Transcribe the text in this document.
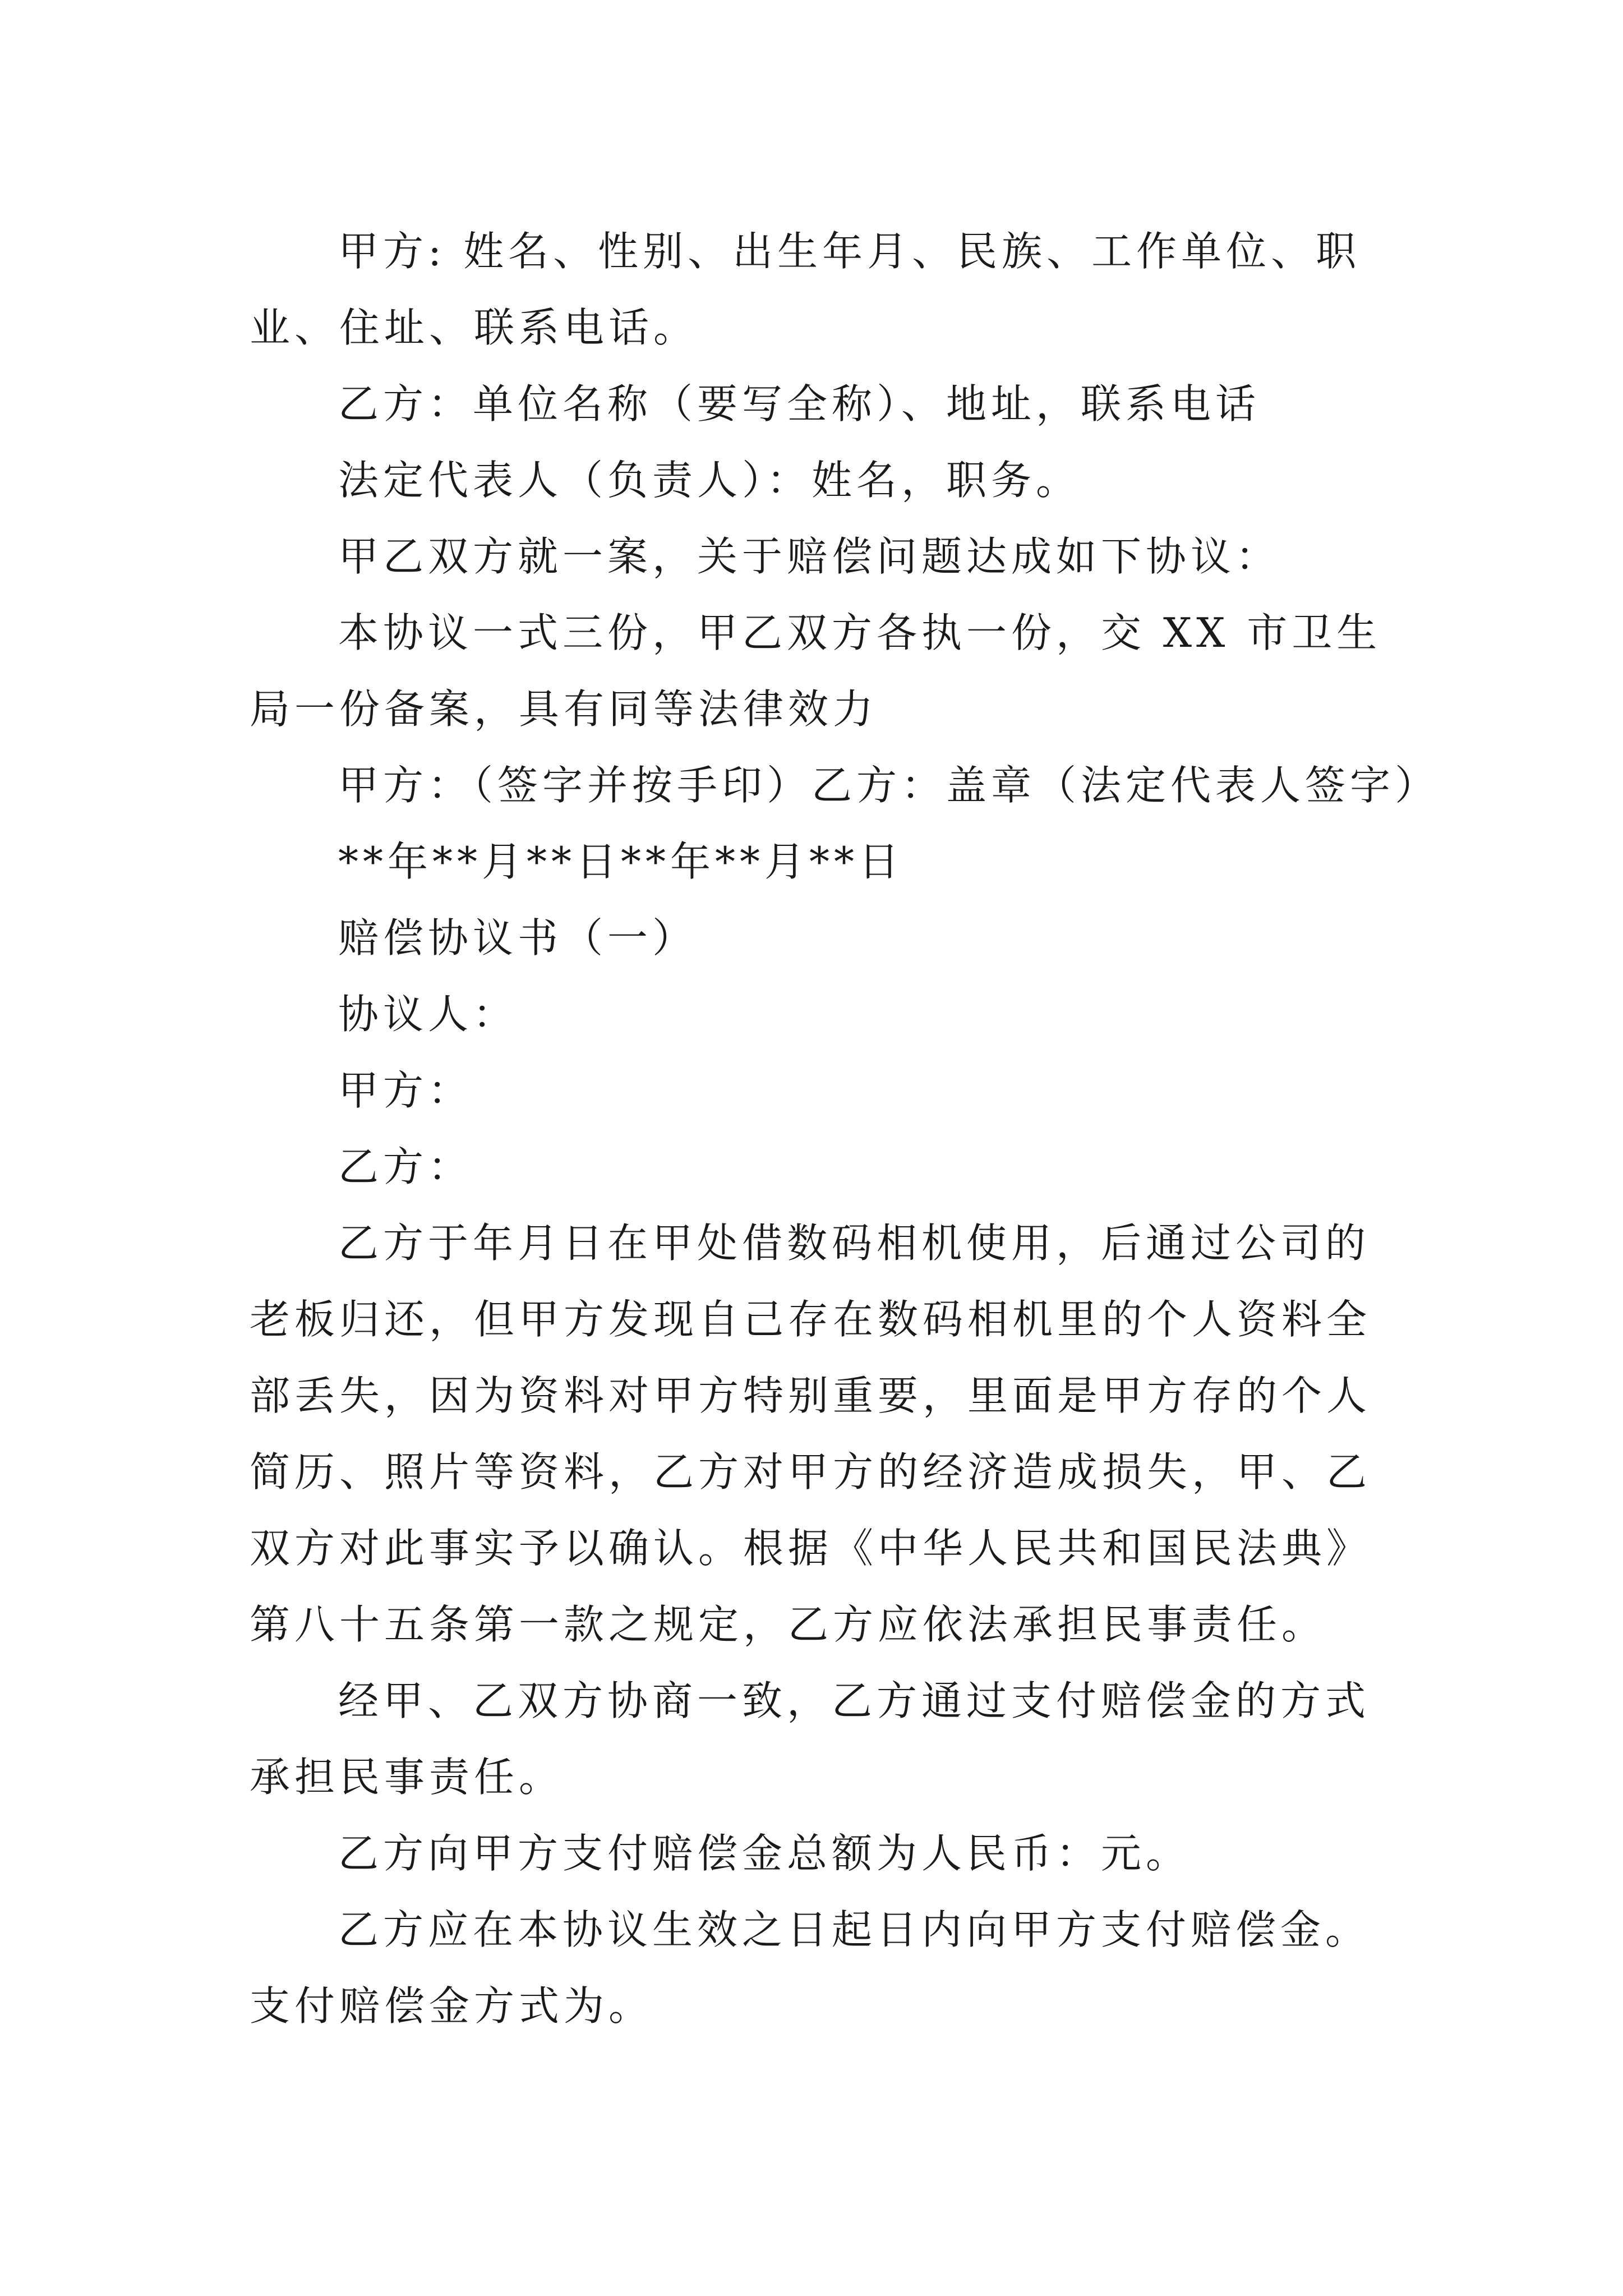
甲方: 姓名、性别、出生年月、民族、工作单位、职业、住址、联系电话。

乙方：单位名称（要写全称）、地址，联系电话

法定代表人（负责人）：姓名，职务。

甲乙双方就一案，关于赔偿问题达成如下协议：

本协议一式三份，甲乙双方各执一份，交 XX 市卫生局一份备案，具有同等法律效力

甲方：（签字并按手印）乙方：盖章（法定代表人签字）

**年**月**日**年**月**日

赔偿协议书（一）

协议人：

甲方：

乙方：

乙方于年月日在甲处借数码相机使用，后通过公司的老板归还，但甲方发现自己存在数码相机里的个人资料全部丢失，因为资料对甲方特别重要，里面是甲方存的个人简历、照片等资料，乙方对甲方的经济造成损失，甲、乙双方对此事实予以确认。根据《中华人民共和国民法典》第八十五条第一款之规定，乙方应依法承担民事责任。

经甲、乙双方协商一致，乙方通过支付赔偿金的方式承担民事责任。

乙方向甲方支付赔偿金总额为人民币：元。

乙方应在本协议生效之日起日内向甲方支付赔偿金。支付赔偿金方式为。
